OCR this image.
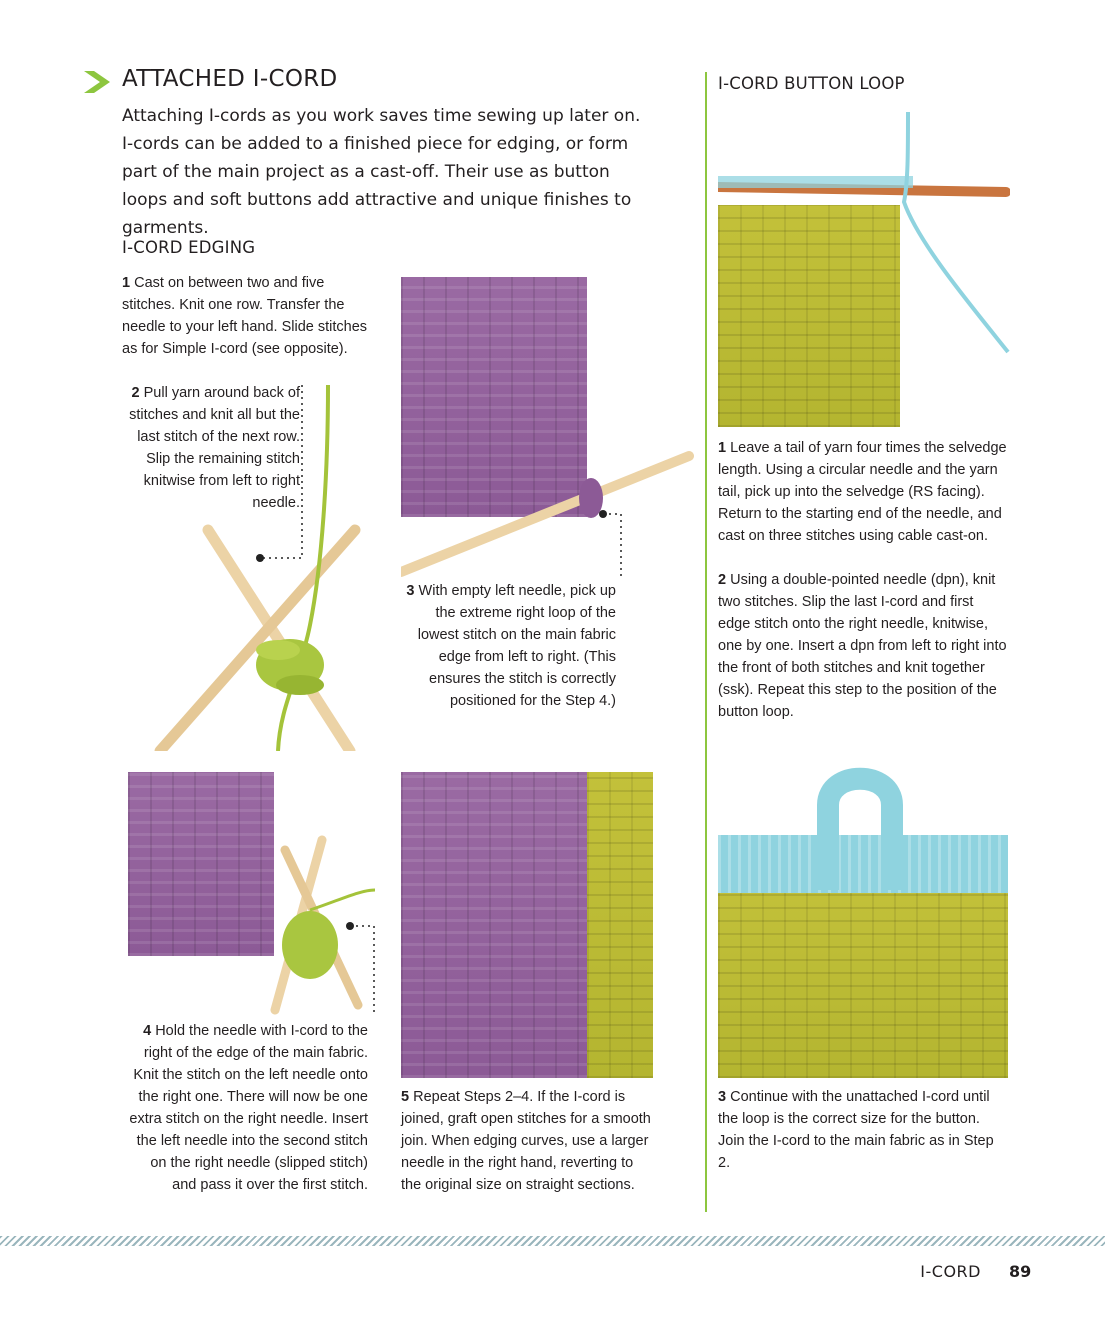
ATTACHED I-CORD

Attaching I-cords as you work saves time sewing up later on. I-cords can be added to a finished piece for edging, or form part of the main project as a cast-off. Their use as button loops and soft buttons add attractive and unique finishes to garments.

I-CORD EDGING

1 Cast on between two and five stitches. Knit one row. Transfer the needle to your left hand. Slide stitches as for Simple I-cord (see opposite).

2 Pull yarn around back of stitches and knit all but the last stitch of the next row. Slip the remaining stitch knitwise from left to right needle.

3 With empty left needle, pick up the extreme right loop of the lowest stitch on the main fabric edge from left to right. (This ensures the stitch is correctly positioned for the Step 4.)

4 Hold the needle with I-cord to the right of the edge of the main fabric. Knit the stitch on the left needle onto the right one. There will now be one extra stitch on the right needle. Insert the left needle into the second stitch on the right needle (slipped stitch) and pass it over the first stitch.

5 Repeat Steps 2–4. If the I-cord is joined, graft open stitches for a smooth join. When edging curves, use a larger needle in the right hand, reverting to the original size on straight sections.

I-CORD BUTTON LOOP

1 Leave a tail of yarn four times the selvedge length. Using a circular needle and the yarn tail, pick up into the selvedge (RS facing). Return to the starting end of the needle, and cast on three stitches using cable cast-on.

2 Using a double-pointed needle (dpn), knit two stitches. Slip the last I-cord and first edge stitch onto the right needle, knitwise, one by one. Insert a dpn from left to right into the front of both stitches and knit together (ssk). Repeat this step to the position of the button loop.

3 Continue with the unattached I-cord until the loop is the correct size for the button. Join the I-cord to the main fabric as in Step 2.

I-CORD 89
